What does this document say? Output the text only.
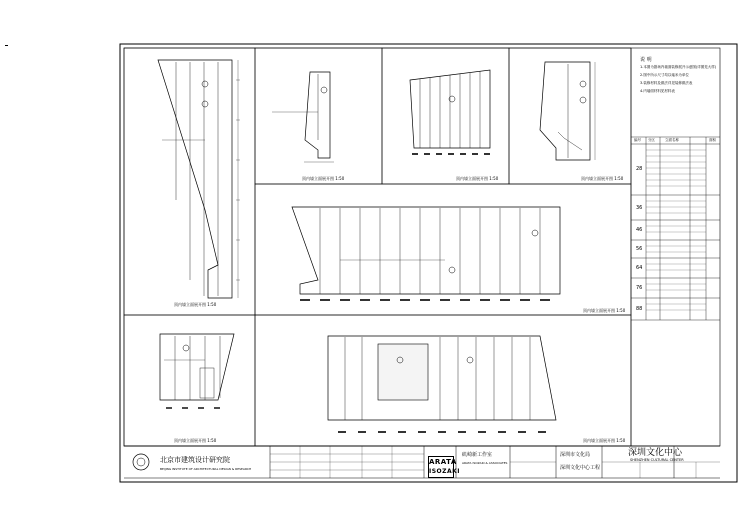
顶内墙立面展开图 1:50
顶内墙立面展开图 1:50	顶内墙立面展开图 1:50	顶内墙立面展开图 1:50
顶内墙立面展开图 1:50
顶内墙立面展开图 1:50	顶内墙立面展开图 1:50
说 明
1.本图为剧场内墙面装修展开示意图(详图见大样)
2.图中所示尺寸均以毫米为单位
3.装修材料及做法详见装修做法表
4.内墙面材料见材料表
编号 分区	立面名称	面积
28
36
46
56
64
76
88
北京市建筑设计研究院
BEIJING INSTITUTE OF ARCHITECTURAL DESIGN & RESEARCH
ARATA
ISOZAKI
矶崎新工作室
ARATA ISOZAKI & ASSOCIATES
深圳市文化局
深圳文化中心工程
深圳文化中心
SHENZHEN CULTURAL CENTER
